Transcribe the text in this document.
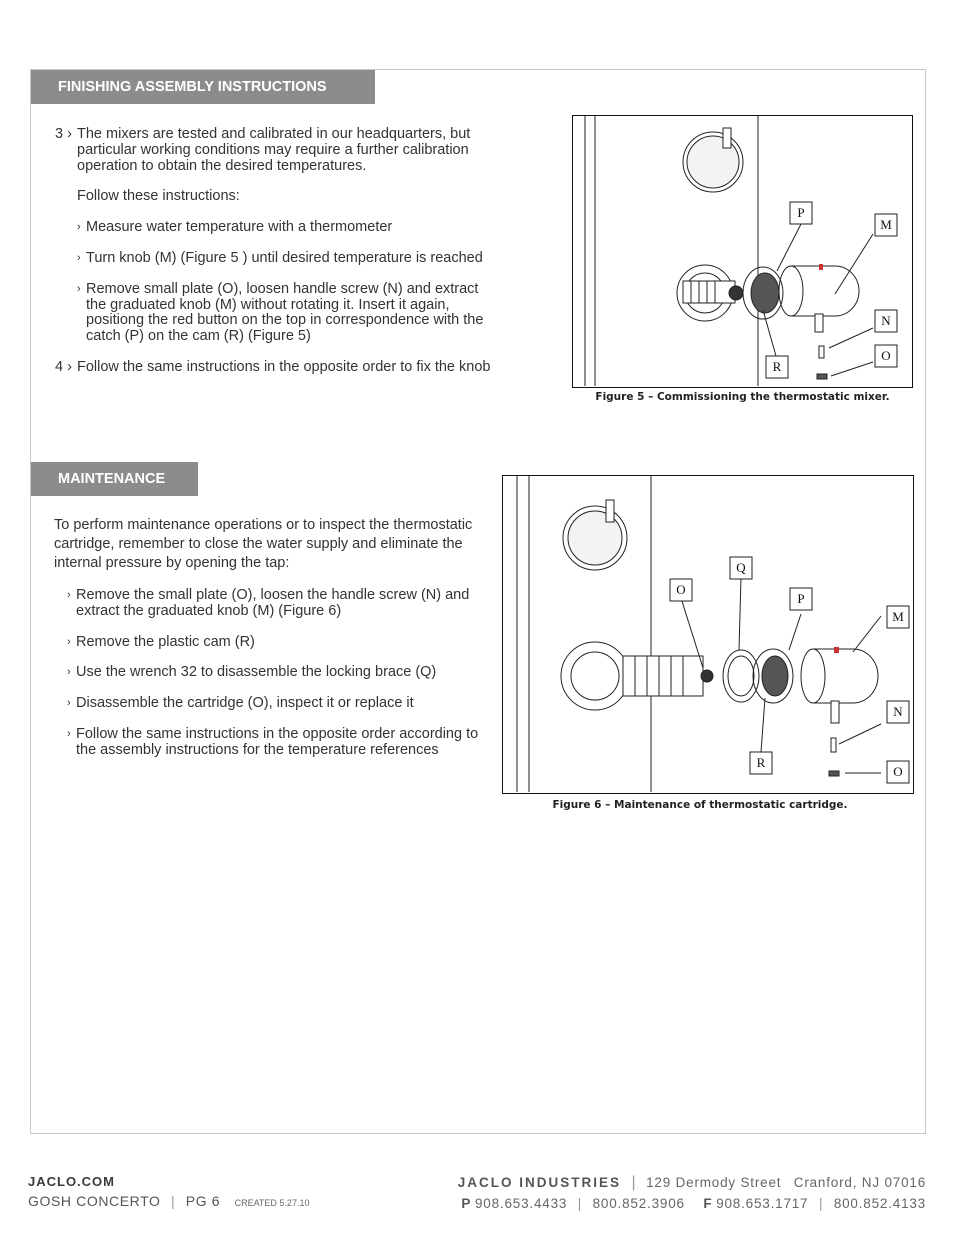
FINISHING ASSEMBLY INSTRUCTIONS
3 › The mixers are tested and calibrated in our headquarters, but particular working conditions may require a further calibration operation to obtain the desired temperatures.
Follow these instructions:
› Measure water temperature with a thermometer
› Turn knob (M) (Figure 5 ) until desired temperature is reached
› Remove small plate (O), loosen handle screw (N) and extract the graduated knob (M) without rotating it. Insert it again, positiong the red button on the top in correspondence with the catch (P) on the cam (R) (Figure 5)
4 › Follow the same instructions in the opposite order to fix the knob
P
M
N
O
R
Figure 5 – Commissioning the thermostatic mixer.
MAINTENANCE
To perform maintenance operations or to inspect the thermostatic cartridge, remember to close the water supply and eliminate the internal pressure by opening the tap:
› Remove the small plate (O), loosen the handle screw (N) and extract the graduated knob (M) (Figure 6)
› Remove the plastic cam (R)
› Use the wrench 32 to disassemble the locking brace (Q)
› Disassemble the cartridge (O), inspect it or replace it
› Follow the same instructions in the opposite order according to the assembly instructions for the temperature references
Q
O
P
M
N
R
O
Figure 6 – Maintenance of thermostatic cartridge.
JACLO.COM
GOSH CONCERTO | PG 6 CREATED 5.27.10
JACLO INDUSTRIES | 129 Dermody Street Cranford, NJ 07016
P 908.653.4433 | 800.852.3906 F 908.653.1717 | 800.852.4133
